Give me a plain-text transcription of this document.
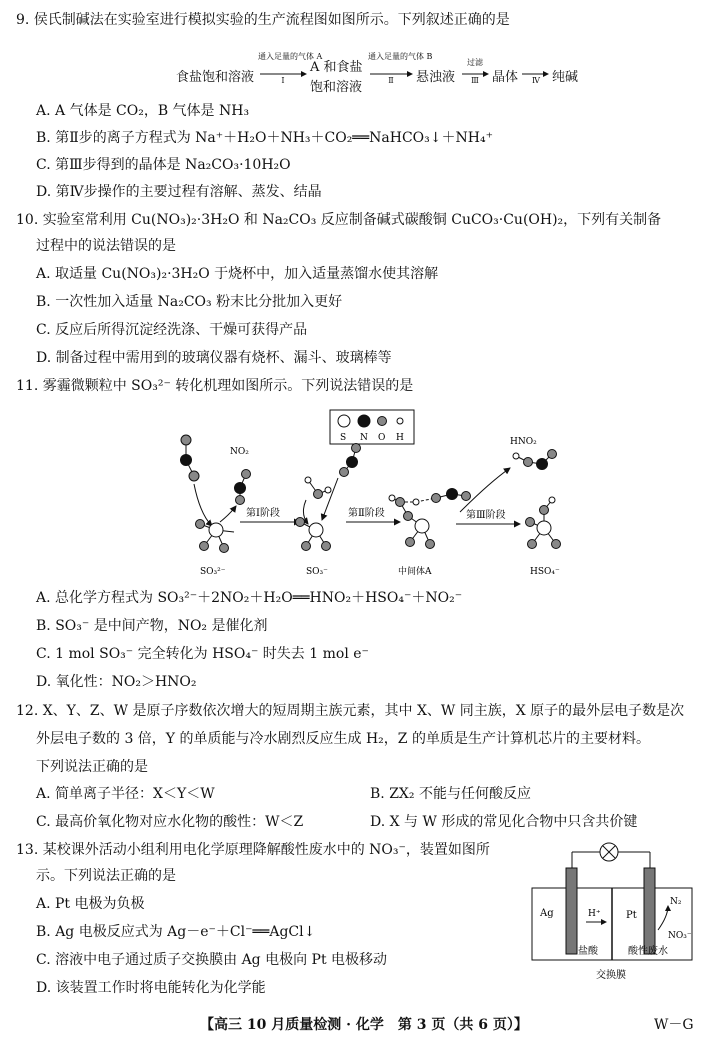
9. 侯氏制碱法在实验室进行模拟实验的生产流程图如图所示。下列叙述正确的是
食盐饱和溶液
通入足量的气体 A
Ⅰ
A 和食盐
饱和溶液
通入足量的气体 B
Ⅱ	悬浊液
过滤
Ⅲ	晶体	Ⅳ 纯碱
A. A 气体是 CO₂，B 气体是 NH₃
B. 第Ⅱ步的离子方程式为 Na⁺＋H₂O＋NH₃＋CO₂══NaHCO₃↓＋NH₄⁺
C. 第Ⅲ步得到的晶体是 Na₂CO₃·10H₂O
D. 第Ⅳ步操作的主要过程有溶解、蒸发、结晶
10. 实验室常利用 Cu(NO₃)₂·3H₂O 和 Na₂CO₃ 反应制备碱式碳酸铜 CuCO₃·Cu(OH)₂，下列有关制备
过程中的说法错误的是
A. 取适量 Cu(NO₃)₂·3H₂O 于烧杯中，加入适量蒸馏水使其溶解
B. 一次性加入适量 Na₂CO₃ 粉末比分批加入更好
C. 反应后所得沉淀经洗涤、干燥可获得产品
D. 制备过程中需用到的玻璃仪器有烧杯、漏斗、玻璃棒等
11. 雾霾微颗粒中 SO₃²⁻ 转化机理如图所示。下列说法错误的是
S N O H
NO₂
SO₃²⁻
第Ⅰ阶段
SO₃⁻
第Ⅱ阶段
中间体A
第Ⅲ阶段
HNO₂
HSO₄⁻
A. 总化学方程式为 SO₃²⁻＋2NO₂＋H₂O══HNO₂＋HSO₄⁻＋NO₂⁻
B. SO₃⁻ 是中间产物，NO₂ 是催化剂
C. 1 mol SO₃⁻ 完全转化为 HSO₄⁻ 时失去 1 mol e⁻
D. 氧化性：NO₂＞HNO₂
12. X、Y、Z、W 是原子序数依次增大的短周期主族元素，其中 X、W 同主族，X 原子的最外层电子数是次
外层电子数的 3 倍，Y 的单质能与冷水剧烈反应生成 H₂，Z 的单质是生产计算机芯片的主要材料。
下列说法正确的是
A. 简单离子半径：X＜Y＜W	B. ZX₂ 不能与任何酸反应
C. 最高价氧化物对应水化物的酸性：W＜Z	D. X 与 W 形成的常见化合物中只含共价键
13. 某校课外活动小组利用电化学原理降解酸性废水中的 NO₃⁻，装置如图所
示。下列说法正确的是
A. Pt 电极为负极
B. Ag 电极反应式为 Ag－e⁻＋Cl⁻══AgCl↓
C. 溶液中电子通过质子交换膜由 Ag 电极向 Pt 电极移动
D. 该装置工作时将电能转化为化学能
Ag	H⁺	Pt
N₂
NO₃⁻
盐酸	酸性废水
交换膜
【高三 10 月质量检测 · 化学　第 3 页（共 6 页）】	W－G
